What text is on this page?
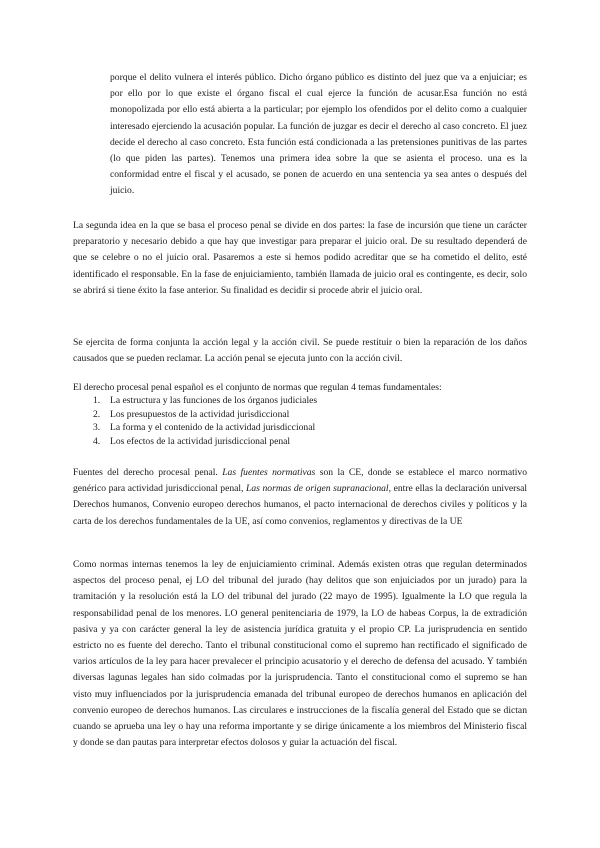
porque el delito vulnera el interés público. Dicho órgano público es distinto del juez que va a enjuiciar; es por ello por lo que existe el órgano fiscal el cual ejerce la función de acusar.Esa función no está monopolizada por ello está abierta a la particular; por ejemplo los ofendidos por el delito como a cualquier interesado ejerciendo la acusación popular. La función de juzgar es decir el derecho al caso concreto. El juez decide el derecho al caso concreto. Esta función está condicionada a las pretensiones punitivas de las partes (lo que piden las partes). Tenemos una primera idea sobre la que se asienta el proceso. una es la conformidad entre el fiscal y el acusado, se ponen de acuerdo en una sentencia ya sea antes o después del juicio.

La segunda idea en la que se basa el proceso penal se divide en dos partes: la fase de incursión que tiene un carácter preparatorio y necesario debido a que hay que investigar para preparar el juicio oral. De su resultado dependerá de que se celebre o no el juicio oral. Pasaremos a este si hemos podido acreditar que se ha cometido el delito, esté identificado el responsable. En la fase de enjuiciamiento, también llamada de juicio oral es contingente, es decir, solo se abrirá si tiene éxito la fase anterior. Su finalidad es decidir si procede abrir el juicio oral.

Se ejercita de forma conjunta la acción legal y la acción civil. Se puede restituir o bien la reparación de los daños causados que se pueden reclamar. La acción penal se ejecuta junto con la acción civil.

El derecho procesal penal español es el conjunto de normas que regulan 4 temas fundamentales:

1.	La estructura y las funciones de los órganos judiciales
2.	Los presupuestos de la actividad jurisdiccional
3.	La forma y el contenido de la actividad jurisdiccional
4.	Los efectos de la actividad jurisdiccional penal

Fuentes del derecho procesal penal. Las fuentes normativas son la CE, donde se establece el marco normativo genérico para actividad jurisdiccional penal, Las normas de origen supranacional, entre ellas la declaración universal Derechos humanos, Convenio europeo derechos humanos, el pacto internacional de derechos civiles y políticos y la carta de los derechos fundamentales de la UE, así como convenios, reglamentos y directivas de la UE

Como normas internas tenemos la ley de enjuiciamiento criminal. Además existen otras que regulan determinados aspectos del proceso penal, ej LO del tribunal del jurado (hay delitos que son enjuiciados por un jurado) para la tramitación y la resolución está la LO del tribunal del jurado (22 mayo de 1995). Igualmente la LO que regula la responsabilidad penal de los menores. LO general penitenciaria de 1979, la LO de habeas Corpus, la de extradición pasiva y ya con carácter general la ley de asistencia jurídica gratuita y el propio CP. La jurisprudencia en sentido estricto no es fuente del derecho. Tanto el tribunal constitucional como el supremo han rectificado el significado de varios artículos de la ley para hacer prevalecer el principio acusatorio y el derecho de defensa del acusado. Y también diversas lagunas legales han sido colmadas por la jurisprudencia. Tanto el constitucional como el supremo se han visto muy influenciados por la jurisprudencia emanada del tribunal europeo de derechos humanos en aplicación del convenio europeo de derechos humanos. Las circulares e instrucciones de la fiscalía general del Estado que se dictan cuando se aprueba una ley o hay una reforma importante y se dirige únicamente a los miembros del Ministerio fiscal y donde se dan pautas para interpretar efectos dolosos y guiar la actuación del fiscal.
